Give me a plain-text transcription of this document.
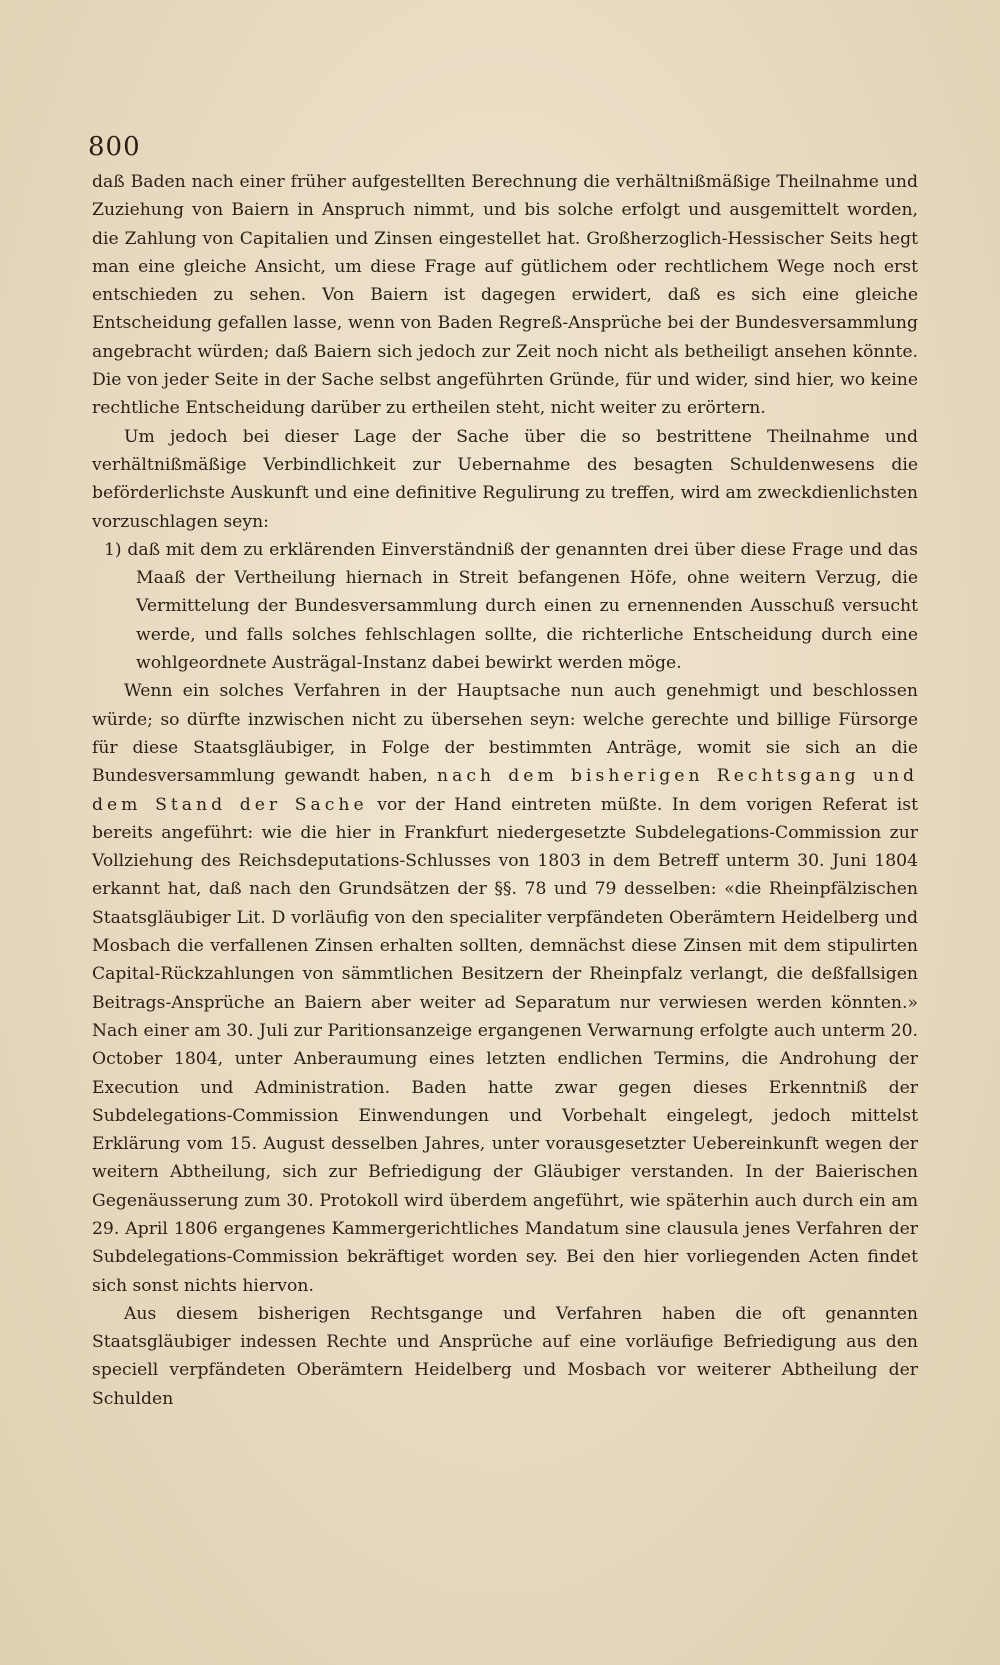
800

daß Baden nach einer früher aufgestellten Berechnung die verhältnißmäßige Theilnahme und Zuziehung von Baiern in Anspruch nimmt, und bis solche erfolgt und ausgemittelt worden, die Zahlung von Capitalien und Zinsen eingestellet hat. Großherzoglich-Hessischer Seits hegt man eine gleiche Ansicht, um diese Frage auf gütlichem oder rechtlichem Wege noch erst entschieden zu sehen. Von Baiern ist dagegen erwidert, daß es sich eine gleiche Entscheidung gefallen lasse, wenn von Baden Regreß-Ansprüche bei der Bundesversammlung angebracht würden; daß Baiern sich jedoch zur Zeit noch nicht als betheiligt ansehen könnte. Die von jeder Seite in der Sache selbst angeführten Gründe, für und wider, sind hier, wo keine rechtliche Entscheidung darüber zu ertheilen steht, nicht weiter zu erörtern.

Um jedoch bei dieser Lage der Sache über die so bestrittene Theilnahme und verhältnißmäßige Verbindlichkeit zur Uebernahme des besagten Schuldenwesens die beförderlichste Auskunft und eine definitive Regulirung zu treffen, wird am zweckdienlichsten vorzuschlagen seyn:

1) daß mit dem zu erklärenden Einverständniß der genannten drei über diese Frage und das Maaß der Vertheilung hiernach in Streit befangenen Höfe, ohne weitern Verzug, die Vermittelung der Bundesversammlung durch einen zu ernennenden Ausschuß versucht werde, und falls solches fehlschlagen sollte, die richterliche Entscheidung durch eine wohlgeordnete Austrägal-Instanz dabei bewirkt werden möge.

Wenn ein solches Verfahren in der Hauptsache nun auch genehmigt und beschlossen würde; so dürfte inzwischen nicht zu übersehen seyn: welche gerechte und billige Fürsorge für diese Staatsgläubiger, in Folge der bestimmten Anträge, womit sie sich an die Bundesversammlung gewandt haben, nach dem bisherigen Rechtsgang und dem Stand der Sache vor der Hand eintreten müßte. In dem vorigen Referat ist bereits angeführt: wie die hier in Frankfurt niedergesetzte Subdelegations-Commission zur Vollziehung des Reichsdeputations-Schlusses von 1803 in dem Betreff unterm 30. Juni 1804 erkannt hat, daß nach den Grundsätzen der §§. 78 und 79 desselben: «die Rheinpfälzischen Staatsgläubiger Lit. D vorläufig von den specialiter verpfändeten Oberämtern Heidelberg und Mosbach die verfallenen Zinsen erhalten sollten, demnächst diese Zinsen mit dem stipulirten Capital-Rückzahlungen von sämmtlichen Besitzern der Rheinpfalz verlangt, die deßfallsigen Beitrags-Ansprüche an Baiern aber weiter ad Separatum nur verwiesen werden könnten.» Nach einer am 30. Juli zur Paritionsanzeige ergangenen Verwarnung erfolgte auch unterm 20. October 1804, unter Anberaumung eines letzten endlichen Termins, die Androhung der Execution und Administration. Baden hatte zwar gegen dieses Erkenntniß der Subdelegations-Commission Einwendungen und Vorbehalt eingelegt, jedoch mittelst Erklärung vom 15. August desselben Jahres, unter vorausgesetzter Uebereinkunft wegen der weitern Abtheilung, sich zur Befriedigung der Gläubiger verstanden. In der Baierischen Gegenäusserung zum 30. Protokoll wird überdem angeführt, wie späterhin auch durch ein am 29. April 1806 ergangenes Kammergerichtliches Mandatum sine clausula jenes Verfahren der Subdelegations-Commission bekräftiget worden sey. Bei den hier vorliegenden Acten findet sich sonst nichts hiervon.

Aus diesem bisherigen Rechtsgange und Verfahren haben die oft genannten Staatsgläubiger indessen Rechte und Ansprüche auf eine vorläufige Befriedigung aus den speciell verpfändeten Oberämtern Heidelberg und Mosbach vor weiterer Abtheilung der Schulden
